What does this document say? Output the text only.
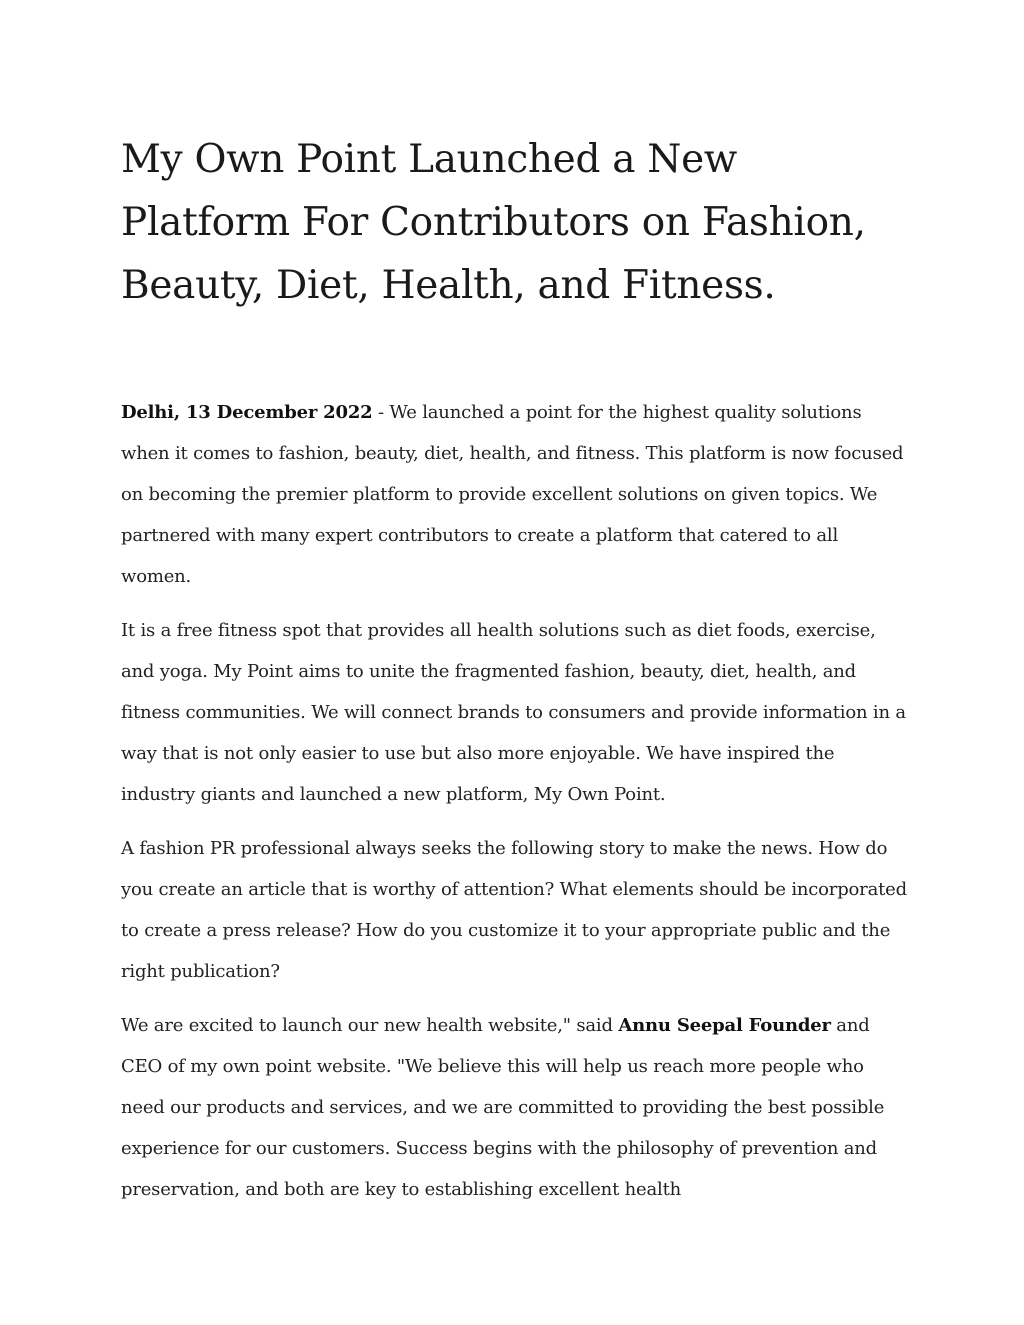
My Own Point Launched a New Platform For Contributors on Fashion, Beauty, Diet, Health, and Fitness.

Delhi, 13 December 2022 - We launched a point for the highest quality solutions when it comes to fashion, beauty, diet, health, and fitness. This platform is now focused on becoming the premier platform to provide excellent solutions on given topics. We partnered with many expert contributors to create a platform that catered to all women.

It is a free fitness spot that provides all health solutions such as diet foods, exercise, and yoga. My Point aims to unite the fragmented fashion, beauty, diet, health, and fitness communities. We will connect brands to consumers and provide information in a way that is not only easier to use but also more enjoyable. We have inspired the industry giants and launched a new platform, My Own Point.

A fashion PR professional always seeks the following story to make the news. How do you create an article that is worthy of attention? What elements should be incorporated to create a press release? How do you customize it to your appropriate public and the right publication?

We are excited to launch our new health website," said Annu Seepal Founder and CEO of my own point website. "We believe this will help us reach more people who need our products and services, and we are committed to providing the best possible experience for our customers. Success begins with the philosophy of prevention and preservation, and both are key to establishing excellent health
